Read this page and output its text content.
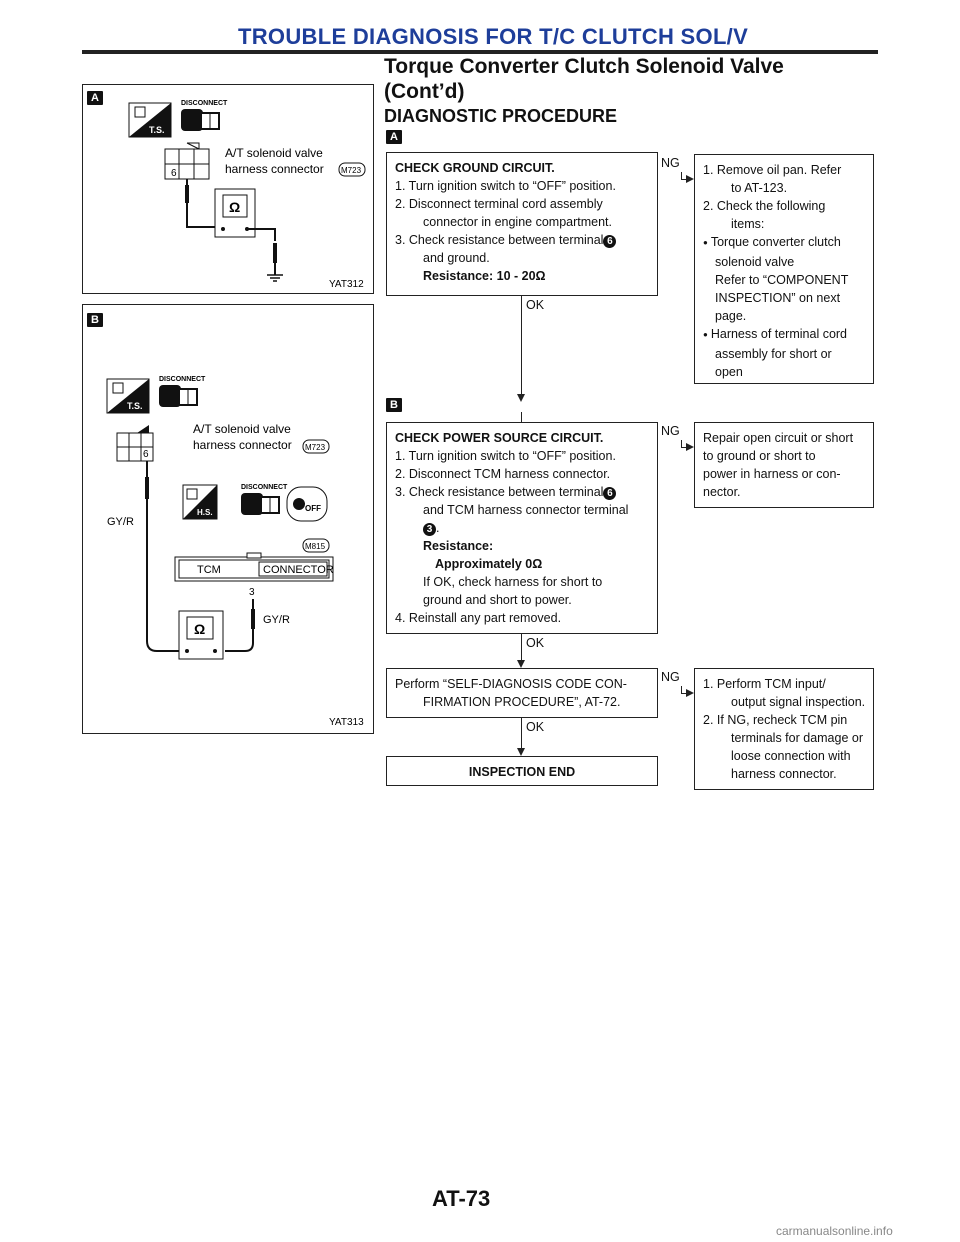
TROUBLE DIAGNOSIS FOR T/C CLUTCH SOL/V
Torque Converter Clutch Solenoid Valve
(Cont’d)
DIAGNOSTIC PROCEDURE
A
A
T.S.
DISCONNECT
6
A/T solenoid valve
harness connector M723
Ω
YAT312
B
T.S.
DISCONNECT
6
A/T solenoid valve
harness connector M723
H.S.
DISCONNECT
OFF
GY/R
M815
TCM	CONNECTOR
3
GY/R
Ω
YAT313
OK
B
OK
OK
NG
NG
NG
CHECK GROUND CIRCUIT.
1. Turn ignition switch to “OFF” position.
2. Disconnect terminal cord assembly
connector in engine compartment.
3. Check resistance between terminal 6
and ground.
Resistance: 10 - 20Ω
1. Remove oil pan. Refer
to AT-123.
2. Check the following
items:
● Torque converter clutch
solenoid valve
Refer to “COMPONENT
INSPECTION” on next
page.
● Harness of terminal cord
assembly for short or
open
CHECK POWER SOURCE CIRCUIT.
1. Turn ignition switch to “OFF” position.
2. Disconnect TCM harness connector.
3. Check resistance between terminal 6
and TCM harness connector terminal
3 .
Resistance:
Approximately 0Ω
If OK, check harness for short to
ground and short to power.
4. Reinstall any part removed.
Repair open circuit or short
to ground or short to
power in harness or con-
nector.
Perform “SELF-DIAGNOSIS CODE CON-
FIRMATION PROCEDURE”, AT-72.
1. Perform TCM input/
output signal inspection.
2. If NG, recheck TCM pin
terminals for damage or
loose connection with
harness connector.
INSPECTION END
AT-73
carmanualsonline.info
